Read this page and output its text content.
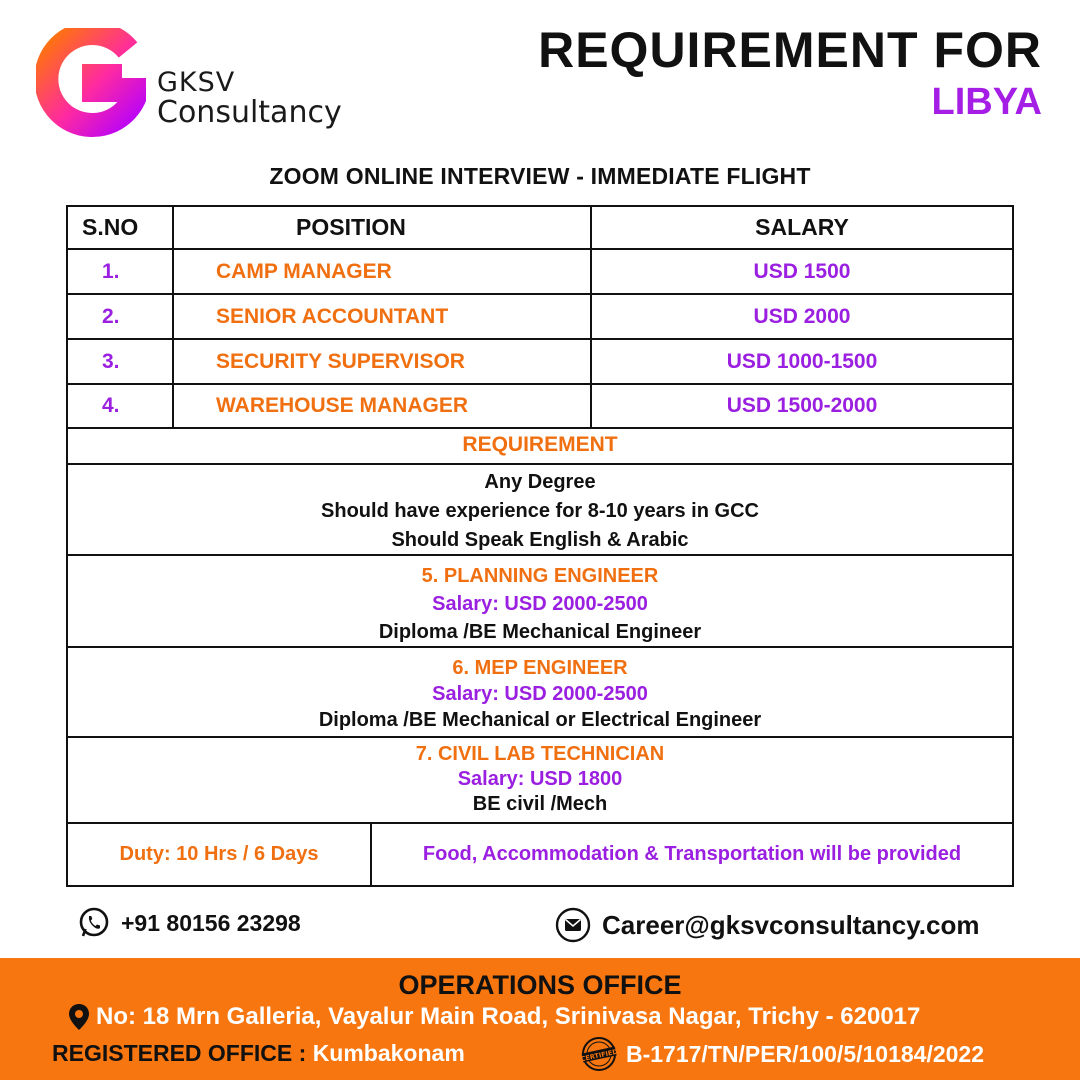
GKSV
Consultancy
REQUIREMENT FOR
LIBYA
ZOOM ONLINE INTERVIEW - IMMEDIATE FLIGHT
S.NO	POSITION	SALARY
1.	CAMP MANAGER	USD 1500
2.	SENIOR ACCOUNTANT	USD 2000
3.	SECURITY SUPERVISOR	USD 1000-1500
4.	WAREHOUSE MANAGER	USD 1500-2000
REQUIREMENT
Any Degree
Should have experience for 8-10 years in GCC
Should Speak English & Arabic
5. PLANNING ENGINEER
Salary: USD 2000-2500
Diploma /BE Mechanical Engineer
6. MEP ENGINEER
Salary: USD 2000-2500
Diploma /BE Mechanical or Electrical Engineer
7. CIVIL LAB TECHNICIAN
Salary: USD 1800
BE civil /Mech
Duty: 10 Hrs / 6 Days	Food, Accommodation & Transportation will be provided
+91 80156 23298	Career@gksvconsultancy.com
OPERATIONS OFFICE
No: 18 Mrn Galleria, Vayalur Main Road, Srinivasa Nagar, Trichy - 620017
REGISTERED OFFICE : Kumbakonam	CERTIFIED B-1717/TN/PER/100/5/10184/2022
